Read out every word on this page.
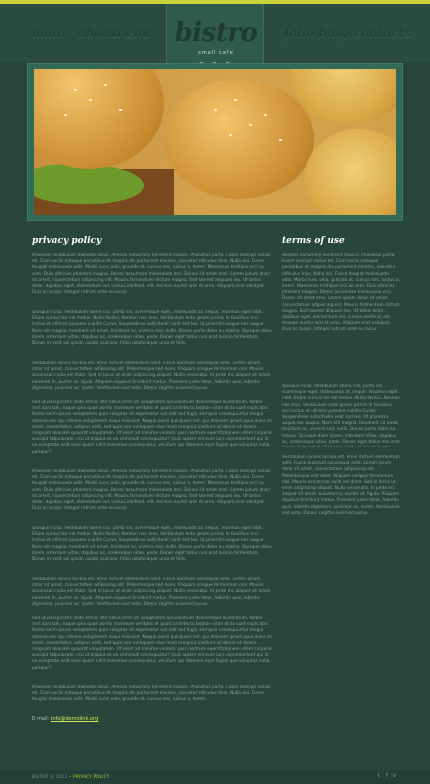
main about
menu	folio blog contacts
bistro
small cafe
privacy policy

Praesent vestibulum molestie lacus. Aenean nonummy hendrerit mauris. Phasellus porta. Fusce suscipit varius mi. Cum sociis natoque penatibus et magnis dis parturient montes, nascetur ridiculus mus. Nulla dui. Fusce feugiat malesuada odio. Morbi nunc odio, gravida at, cursus nec, luctus a, lorem. Maecenas tristique orci ac sem. Duis ultricies pharetra magna. Donec accumsan malesuada orci. Donec sit amet eros. Lorem ipsum dolor sit amet, consectetuer adipiscing elit. Mauris fermentum dictum magna. Sed laoreet aliquam leo. Ut tellus dolor, dapibus eget, elementum vel, cursus eleifend, elit. Aenean auctor wisi et urna. Aliquam erat volutpat. Duis ac turpis. Integer rutrum ante eu lacus.

Quisque nulla. Vestibulum libero nisl, porta vel, scelerisque eget, malesuada at, neque. Vivamus eget nibh. Etiam cursus leo vel metus. Nulla facilisi. Aenean nec eros. Vestibulum ante ipsum primis in faucibus orci luctus et ultrices posuere cubilia Curae; Suspendisse sollicitudin velit sed leo. Ut pharetra augue nec augue. Nam elit magna, hendrerit sit amet, tincidunt ac, viverra sed, nulla. Donec porta diam eu massa. Quisque diam lorem, interdum vitae, dapibus ac, scelerisque vitae, pede. Donec eget tellus non erat lacinia fermentum. Donec in velit vel ipsum auctor pulvinar. Proin ullamcorper urna et felis.

Vestibulum iaculis lacinia est. Proin dictum elementum velit. Fusce euismod consequat ante. Lorem ipsum dolor sit amet, consectetuer adipiscing elit. Pellentesque sed dolor. Aliquam congue fermentum nisl. Mauris accumsan nulla vel diam. Sed in lacus ut enim adipiscing aliquet. Nulla venenatis. In pede mi, aliquet sit amet, euismod in, auctor ut, ligula. Aliquam dapibus tincidunt metus. Praesent justo dolor, lobortis quis, lobortis dignissim, pulvinar ac, lorem. Vestibulum sed ante. Donec sagittis euismod purus.

Sed ut perspiciatis unde omnis iste natus error sit voluptatem accusantium doloremque laudantium, totam rem aperiam, eaque ipsa quae ab illo inventore veritatis et quasi architecto beatae vitae dicta sunt explicabo. Nemo enim ipsam voluptatem quia voluptas sit aspernatur aut odit aut fugit, sed quia consequuntur magni dolores eos qui ratione voluptatem sequi nesciunt. Neque porro quisquam est, qui dolorem ipsum quia dolor sit amet, consectetur, adipisci velit, sed quia non numquam eius modi tempora incidunt ut labore et dolore magnam aliquam quaerat voluptatem. Ut enim ad minima veniam, quis nostrum exercitationem ullam corporis suscipit laboriosam, nisi ut aliquid ex ea commodi consequatur? Quis autem vel eum iure reprehenderit qui in ea voluptate velit esse quam nihil molestiae consequatur, vel illum qui dolorem eum fugiat quo voluptas nulla pariatur?

Praesent vestibulum molestie lacus. Aenean nonummy hendrerit mauris. Phasellus porta. Fusce suscipit varius mi. Cum sociis natoque penatibus et magnis dis parturient montes, nascetur ridiculus mus. Nulla dui. Fusce feugiat malesuada odio. Morbi nunc odio, gravida at, cursus nec, luctus a, lorem. Maecenas tristique orci ac sem. Duis ultricies pharetra magna. Donec accumsan malesuada orci. Donec sit amet eros. Lorem ipsum dolor sit amet, consectetuer adipiscing elit. Mauris fermentum dictum magna. Sed laoreet aliquam leo. Ut tellus dolor, dapibus eget, elementum vel, cursus eleifend, elit. Aenean auctor wisi et urna. Aliquam erat volutpat. Duis ac turpis. Integer rutrum ante eu lacus.

Quisque nulla. Vestibulum libero nisl, porta vel, scelerisque eget, malesuada at, neque. Vivamus eget nibh. Etiam cursus leo vel metus. Nulla facilisi. Aenean nec eros. Vestibulum ante ipsum primis in faucibus orci luctus et ultrices posuere cubilia Curae; Suspendisse sollicitudin velit sed leo. Ut pharetra augue nec augue. Nam elit magna, hendrerit sit amet, tincidunt ac, viverra sed, nulla. Donec porta diam eu massa. Quisque diam lorem, interdum vitae, dapibus ac, scelerisque vitae, pede. Donec eget tellus non erat lacinia fermentum. Donec in velit vel ipsum auctor pulvinar. Proin ullamcorper urna et felis.

Vestibulum iaculis lacinia est. Proin dictum elementum velit. Fusce euismod consequat ante. Lorem ipsum dolor sit amet, consectetuer adipiscing elit. Pellentesque sed dolor. Aliquam congue fermentum nisl. Mauris accumsan nulla vel diam. Sed in lacus ut enim adipiscing aliquet. Nulla venenatis. In pede mi, aliquet sit amet, euismod in, auctor ut, ligula. Aliquam dapibus tincidunt metus. Praesent justo dolor, lobortis quis, lobortis dignissim, pulvinar ac, lorem. Vestibulum sed ante. Donec sagittis euismod purus.

Sed ut perspiciatis unde omnis iste natus error sit voluptatem accusantium doloremque laudantium, totam rem aperiam, eaque ipsa quae ab illo inventore veritatis et quasi architecto beatae vitae dicta sunt explicabo. Nemo enim ipsam voluptatem quia voluptas sit aspernatur aut odit aut fugit, sed quia consequuntur magni dolores eos qui ratione voluptatem sequi nesciunt. Neque porro quisquam est, qui dolorem ipsum quia dolor sit amet, consectetur, adipisci velit, sed quia non numquam eius modi tempora incidunt ut labore et dolore magnam aliquam quaerat voluptatem. Ut enim ad minima veniam, quis nostrum exercitationem ullam corporis suscipit laboriosam, nisi ut aliquid ex ea commodi consequatur? Quis autem vel eum iure reprehenderit qui in ea voluptate velit esse quam nihil molestiae consequatur, vel illum qui dolorem eum fugiat quo voluptas nulla pariatur?

Praesent vestibulum molestie lacus. Aenean nonummy hendrerit mauris. Phasellus porta. Fusce suscipit varius mi. Cum sociis natoque penatibus et magnis dis parturient montes, nascetur ridiculus mus. Nulla dui. Fusce feugiat malesuada odio. Morbi nunc odio, gravida at, cursus nec, luctus a, lorem.

E-mail: info@demolink.org
terms of use

Aenean nonummy hendrerit mauris. Phasellus porta. Fusce suscipit varius mi. Cum sociis natoque penatibus et magnis dis parturient montes, nascetur ridiculus mus. Nulla dui. Fusce feugiat malesuada odio. Morbi nunc odio, gravida at, cursus nec, luctus a, lorem. Maecenas tristique orci ac sem. Duis ultricies pharetra magna. Donec accumsan malesuada orci. Donec sit amet eros. Lorem ipsum dolor sit amet, consectetuer adipiscing elit. Mauris fermentum dictum magna. Sed laoreet aliquam leo. Ut tellus dolor, dapibus eget, elementum vel, cursus eleifend, elit. Aenean auctor wisi et urna. Aliquam erat volutpat. Duis ac turpis. Integer rutrum ante eu lacus.

Quisque nulla. Vestibulum libero nisl, porta vel, scelerisque eget, malesuada at, neque. Vivamus eget nibh. Etiam cursus leo vel metus. Nulla facilisi. Aenean nec eros. Vestibulum ante ipsum primis in faucibus orci luctus et ultrices posuere cubilia Curae; Suspendisse sollicitudin velit sed leo. Ut pharetra augue nec augue. Nam elit magna, hendrerit sit amet, tincidunt ac, viverra sed, nulla. Donec porta diam eu massa. Quisque diam lorem, interdum vitae, dapibus ac, scelerisque vitae, pede. Donec eget tellus non erat

Vestibulum iaculis lacinia est. Proin dictum elementum velit. Fusce euismod consequat ante. Lorem ipsum dolor sit amet, consectetuer adipiscing elit. Pellentesque sed dolor. Aliquam congue fermentum nisl. Mauris accumsan nulla vel diam. Sed in lacus ut enim adipiscing aliquet. Nulla venenatis. In pede mi, aliquet sit amet, euismod in, auctor ut, ligula. Aliquam dapibus tincidunt metus. Praesent justo dolor, lobortis quis, lobortis dignissim, pulvinar ac, lorem. Vestibulum sed ante. Donec sagittis euismod purus.

BISTRO © 2012 • PRIVACY POLICY	t f v
